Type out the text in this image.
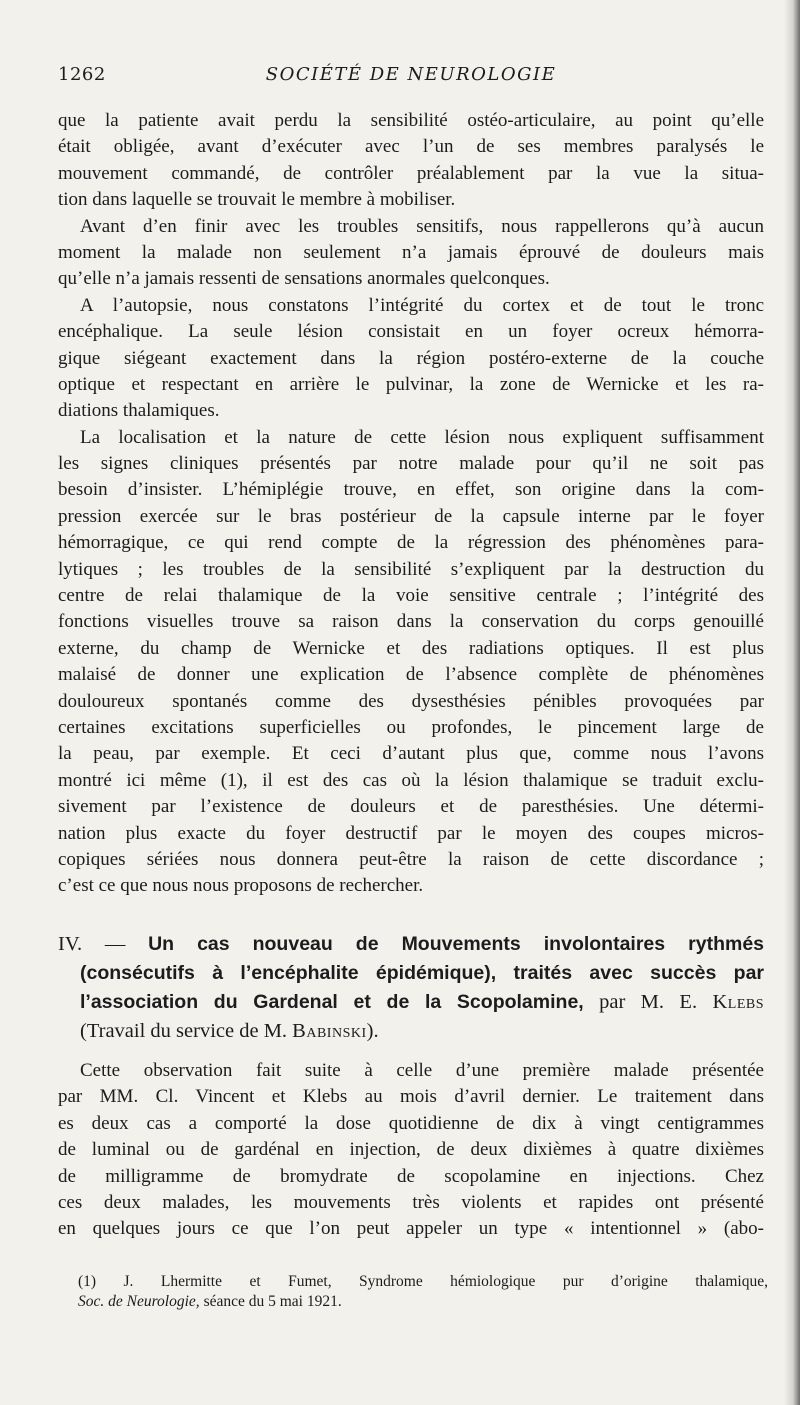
1262	SOCIÉTÉ DE NEUROLOGIE
que la patiente avait perdu la sensibilité ostéo-articulaire, au point qu’elle
était obligée, avant d’exécuter avec l’un de ses membres paralysés le
mouvement commandé, de contrôler préalablement par la vue la situa-
tion dans laquelle se trouvait le membre à mobiliser.
Avant d’en finir avec les troubles sensitifs, nous rappellerons qu’à aucun
moment la malade non seulement n’a jamais éprouvé de douleurs mais
qu’elle n’a jamais ressenti de sensations anormales quelconques.
A l’autopsie, nous constatons l’intégrité du cortex et de tout le tronc
encéphalique. La seule lésion consistait en un foyer ocreux hémorra-
gique siégeant exactement dans la région postéro-externe de la couche
optique et respectant en arrière le pulvinar, la zone de Wernicke et les ra-
diations thalamiques.
La localisation et la nature de cette lésion nous expliquent suffisamment
les signes cliniques présentés par notre malade pour qu’il ne soit pas
besoin d’insister. L’hémiplégie trouve, en effet, son origine dans la com-
pression exercée sur le bras postérieur de la capsule interne par le foyer
hémorragique, ce qui rend compte de la régression des phénomènes para-
lytiques ; les troubles de la sensibilité s’expliquent par la destruction du
centre de relai thalamique de la voie sensitive centrale ; l’intégrité des
fonctions visuelles trouve sa raison dans la conservation du corps genouillé
externe, du champ de Wernicke et des radiations optiques. Il est plus
malaisé de donner une explication de l’absence complète de phénomènes
douloureux spontanés comme des dysesthésies pénibles provoquées par
certaines excitations superficielles ou profondes, le pincement large de
la peau, par exemple. Et ceci d’autant plus que, comme nous l’avons
montré ici même (1), il est des cas où la lésion thalamique se traduit exclu-
sivement par l’existence de douleurs et de paresthésies. Une détermi-
nation plus exacte du foyer destructif par le moyen des coupes micros-
copiques sériées nous donnera peut-être la raison de cette discordance ;
c’est ce que nous nous proposons de rechercher.
IV. — Un cas nouveau de Mouvements involontaires rythmés
(consécutifs à l’encéphalite épidémique), traités avec succès par
l’association du Gardenal et de la Scopolamine, par M. E. Klebs
(Travail du service de M. Babinski).
Cette observation fait suite à celle d’une première malade présentée
par MM. Cl. Vincent et Klebs au mois d’avril dernier. Le traitement dans
es deux cas a comporté la dose quotidienne de dix à vingt centigrammes
de luminal ou de gardénal en injection, de deux dixièmes à quatre dixièmes
de milligramme de bromydrate de scopolamine en injections. Chez
ces deux malades, les mouvements très violents et rapides ont présenté
en quelques jours ce que l’on peut appeler un type « intentionnel » (abo-
(1) J. Lhermitte et Fumet, Syndrome hémiologique pur d’origine thalamique,
Soc. de Neurologie, séance du 5 mai 1921.
